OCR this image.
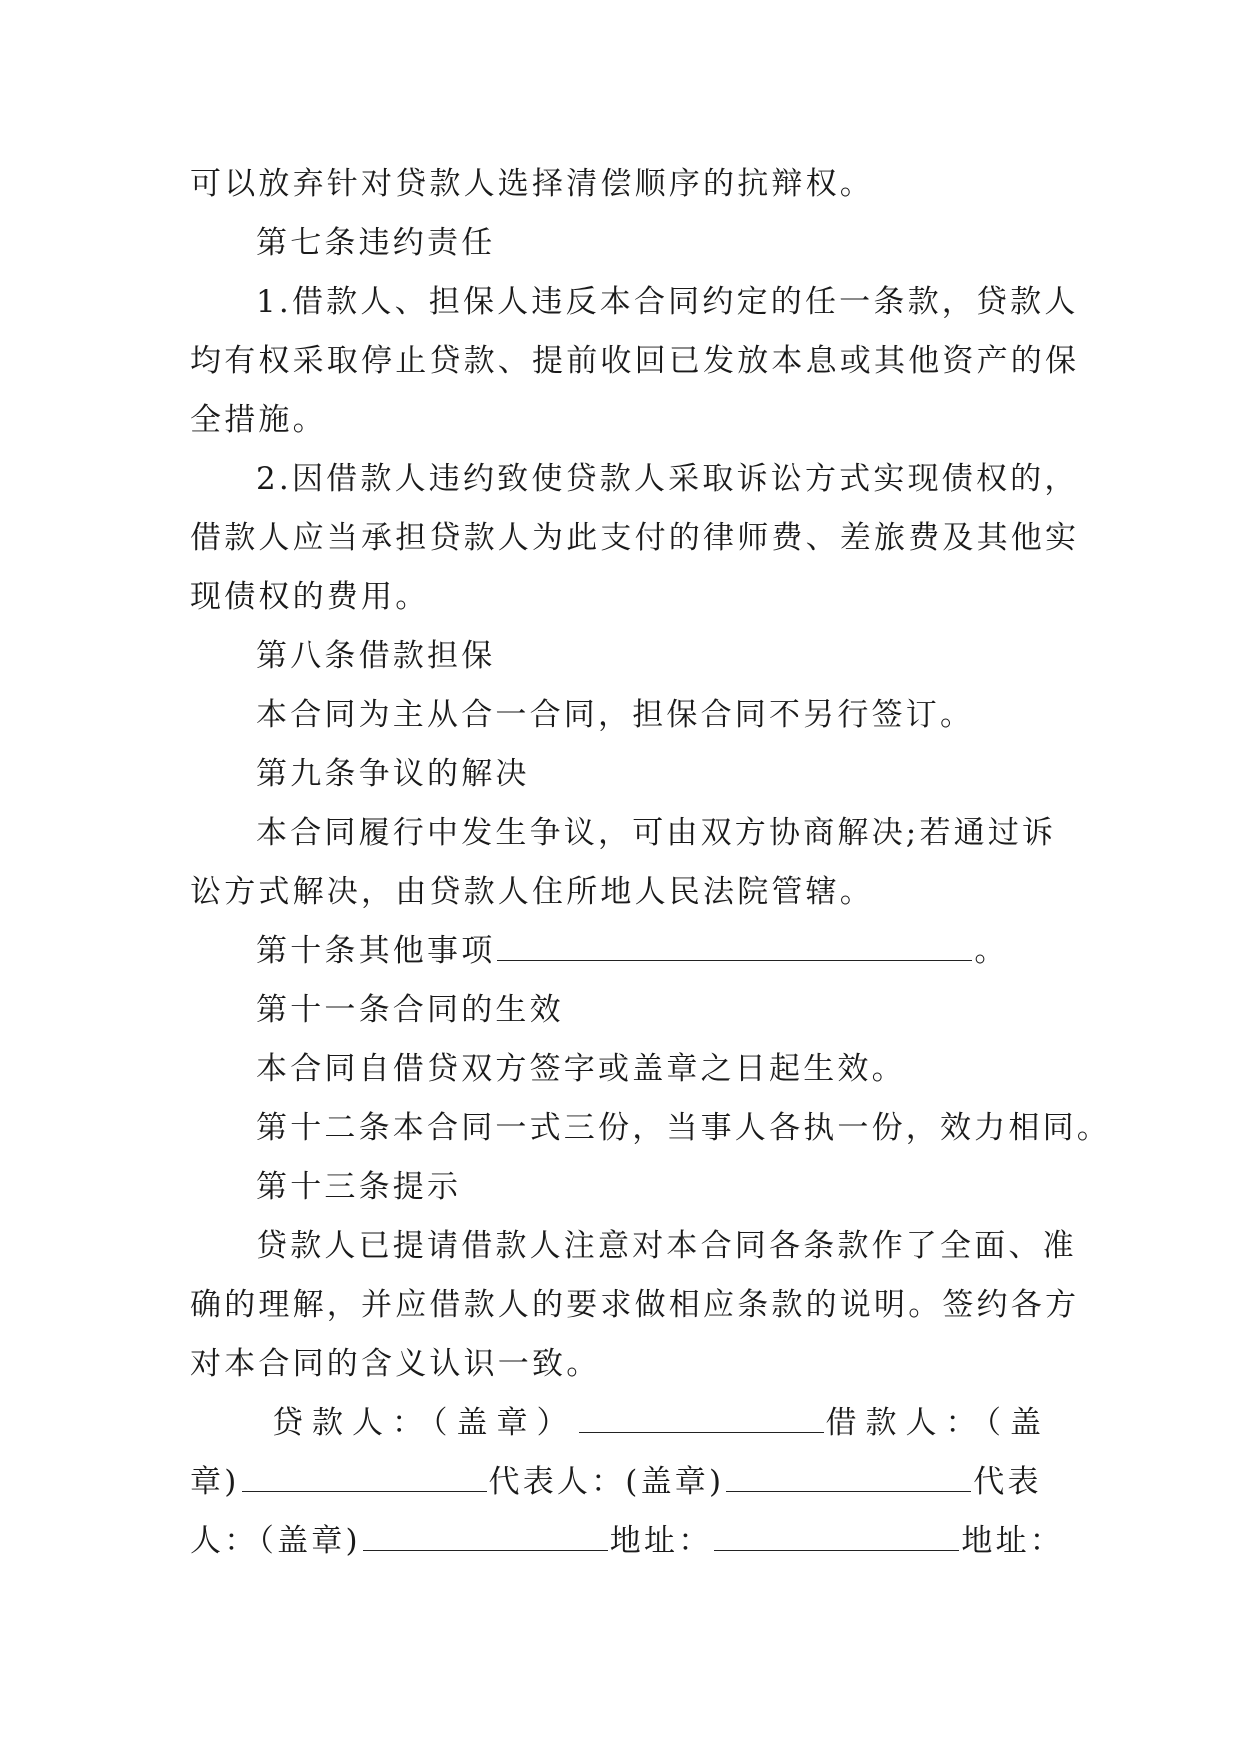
可以放弃针对贷款人选择清偿顺序的抗辩权。
第七条违约责任
1.借款人、担保人违反本合同约定的任一条款，贷款人
均有权采取停止贷款、提前收回已发放本息或其他资产的保
全措施。
2.因借款人违约致使贷款人采取诉讼方式实现债权的，
借款人应当承担贷款人为此支付的律师费、差旅费及其他实
现债权的费用。
第八条借款担保
本合同为主从合一合同，担保合同不另行签订。
第九条争议的解决
本合同履行中发生争议，可由双方协商解决;若通过诉
讼方式解决，由贷款人住所地人民法院管辖。
第十条其他事项	。
第十一条合同的生效
本合同自借贷双方签字或盖章之日起生效。
第十二条本合同一式三份，当事人各执一份，效力相同。
第十三条提示
贷款人已提请借款人注意对本合同各条款作了全面、准
确的理解，并应借款人的要求做相应条款的说明。签约各方
对本合同的含义认识一致。
贷款人：（盖章）	借款人：（盖
章)	代表人：(盖章)	代表
人：（盖章)	地址：	地址：
